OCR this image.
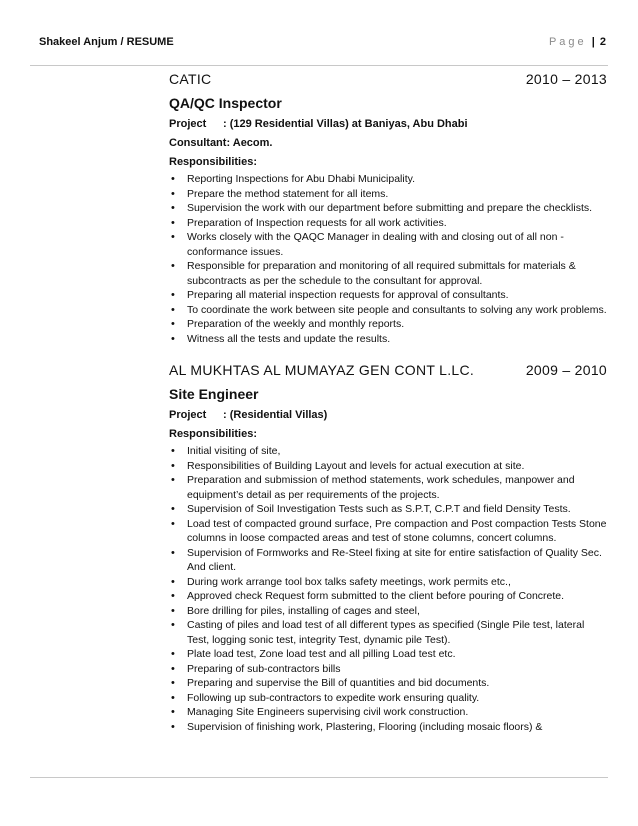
Shakeel Anjum / RESUME	Page | 2
CATIC	2010 – 2013
QA/QC Inspector
Project : (129 Residential Villas) at Baniyas, Abu Dhabi
Consultant: Aecom.
Responsibilities:
• Reporting Inspections for Abu Dhabi Municipality.
• Prepare the method statement for all items.
• Supervision the work with our department before submitting and prepare the checklists.
• Preparation of Inspection requests for all work activities.
• Works closely with the QAQC Manager in dealing with and closing out of all non - conformance issues.
• Responsible for preparation and monitoring of all required submittals for materials & subcontracts as per the schedule to the consultant for approval.
• Preparing all material inspection requests for approval of consultants.
• To coordinate the work between site people and consultants to solving any work problems.
• Preparation of the weekly and monthly reports.
• Witness all the tests and update the results.
AL MUKHTAS AL MUMAYAZ GEN CONT L.LC.	2009 – 2010
Site Engineer
Project : (Residential Villas)
Responsibilities:
• Initial visiting of site,
• Responsibilities of Building Layout and levels for actual execution at site.
• Preparation and submission of method statements, work schedules, manpower and equipment’s detail as per requirements of the projects.
• Supervision of Soil Investigation Tests such as S.P.T, C.P.T and field Density Tests.
• Load test of compacted ground surface, Pre compaction and Post compaction Tests Stone columns in loose compacted areas and test of stone columns, concert columns.
• Supervision of Formworks and Re-Steel fixing at site for entire satisfaction of Quality Sec. And client.
• During work arrange tool box talks safety meetings, work permits etc.,
• Approved check Request form submitted to the client before pouring of Concrete.
• Bore drilling for piles, installing of cages and steel,
• Casting of piles and load test of all different types as specified (Single Pile test, lateral Test, logging sonic test, integrity Test, dynamic pile Test).
• Plate load test, Zone load test and all pilling Load test etc.
• Preparing of sub-contractors bills
• Preparing and supervise the Bill of quantities and bid documents.
• Following up sub-contractors to expedite work ensuring quality.
• Managing Site Engineers supervising civil work construction.
• Supervision of finishing work, Plastering, Flooring (including mosaic floors) &
